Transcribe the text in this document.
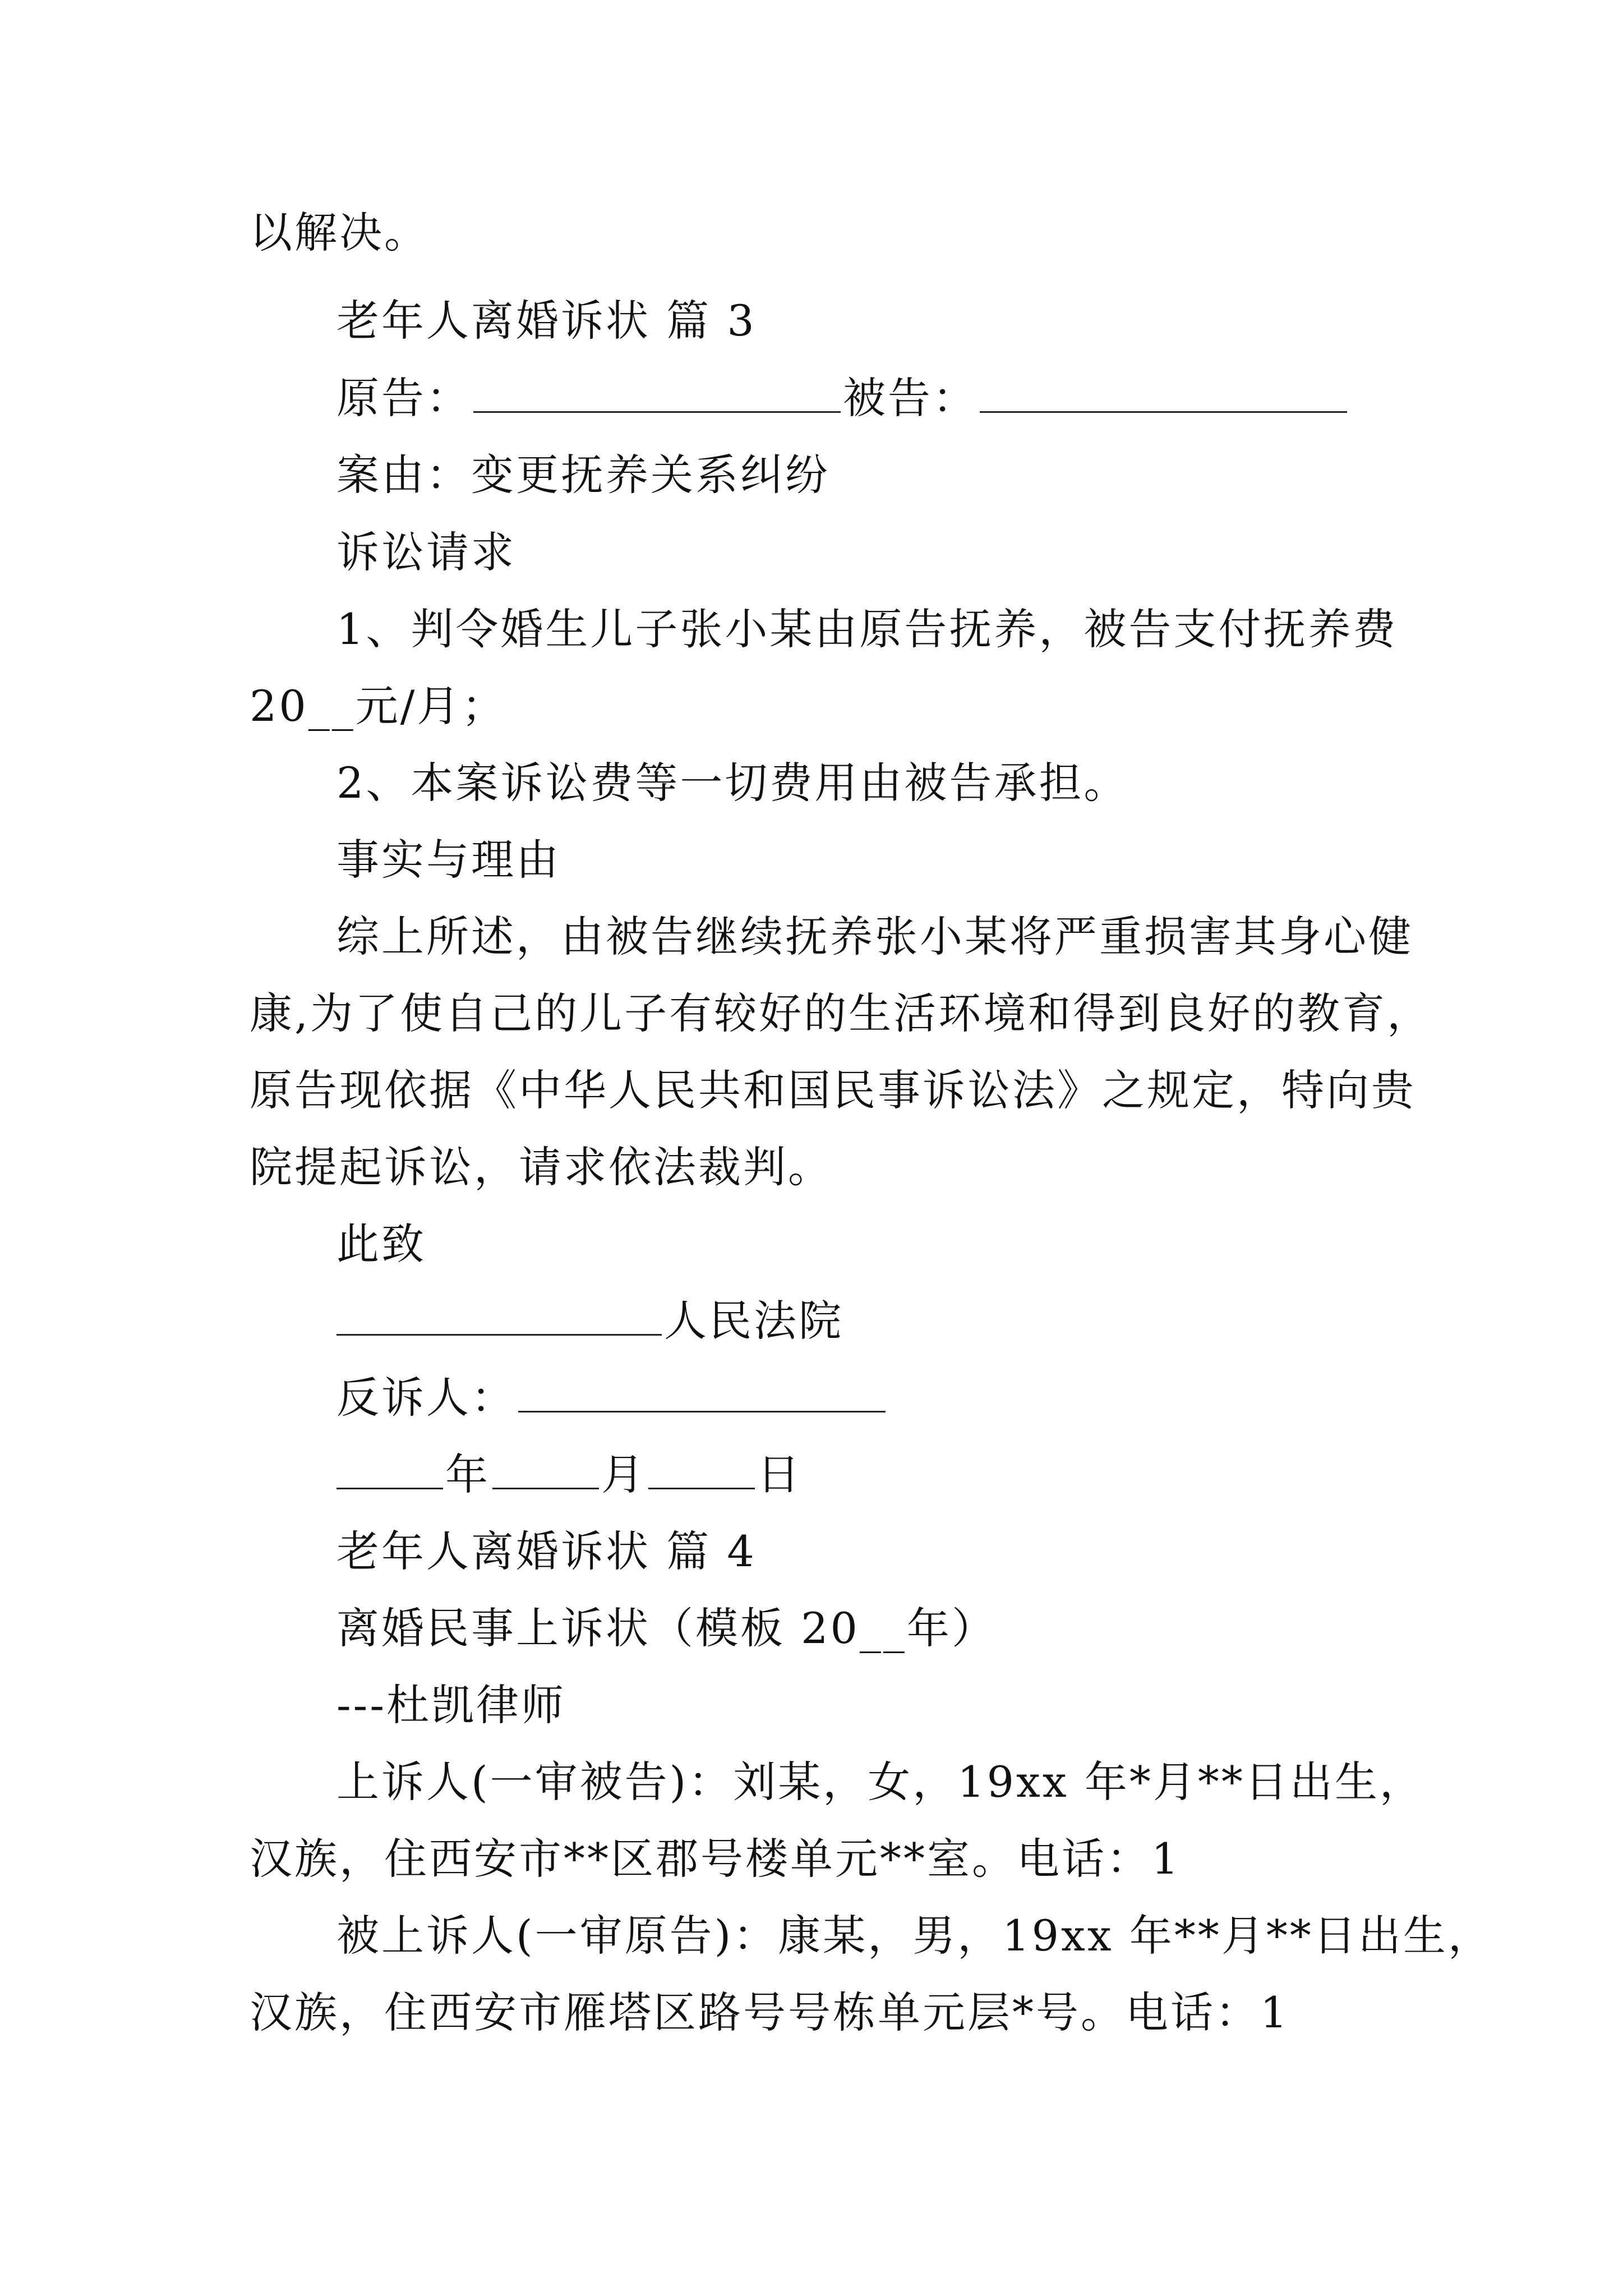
以解决。
老年人离婚诉状 篇 3
原告：	被告：
案由：变更抚养关系纠纷
诉讼请求
1、判令婚生儿子张小某由原告抚养，被告支付抚养费
20__元/月；
2、本案诉讼费等一切费用由被告承担。
事实与理由
综上所述，由被告继续抚养张小某将严重损害其身心健
康,为了使自己的儿子有较好的生活环境和得到良好的教育，
原告现依据《中华人民共和国民事诉讼法》之规定，特向贵
院提起诉讼，请求依法裁判。
此致
人民法院
反诉人：
年	月	日
老年人离婚诉状 篇 4
离婚民事上诉状（模板 20__年）
---杜凯律师
上诉人(一审被告)：刘某，女，19xx 年*月**日出生，
汉族，住西安市**区郡号楼单元**室。电话：1
被上诉人(一审原告)：康某，男，19xx 年**月**日出生，
汉族，住西安市雁塔区路号号栋单元层*号。电话：1
